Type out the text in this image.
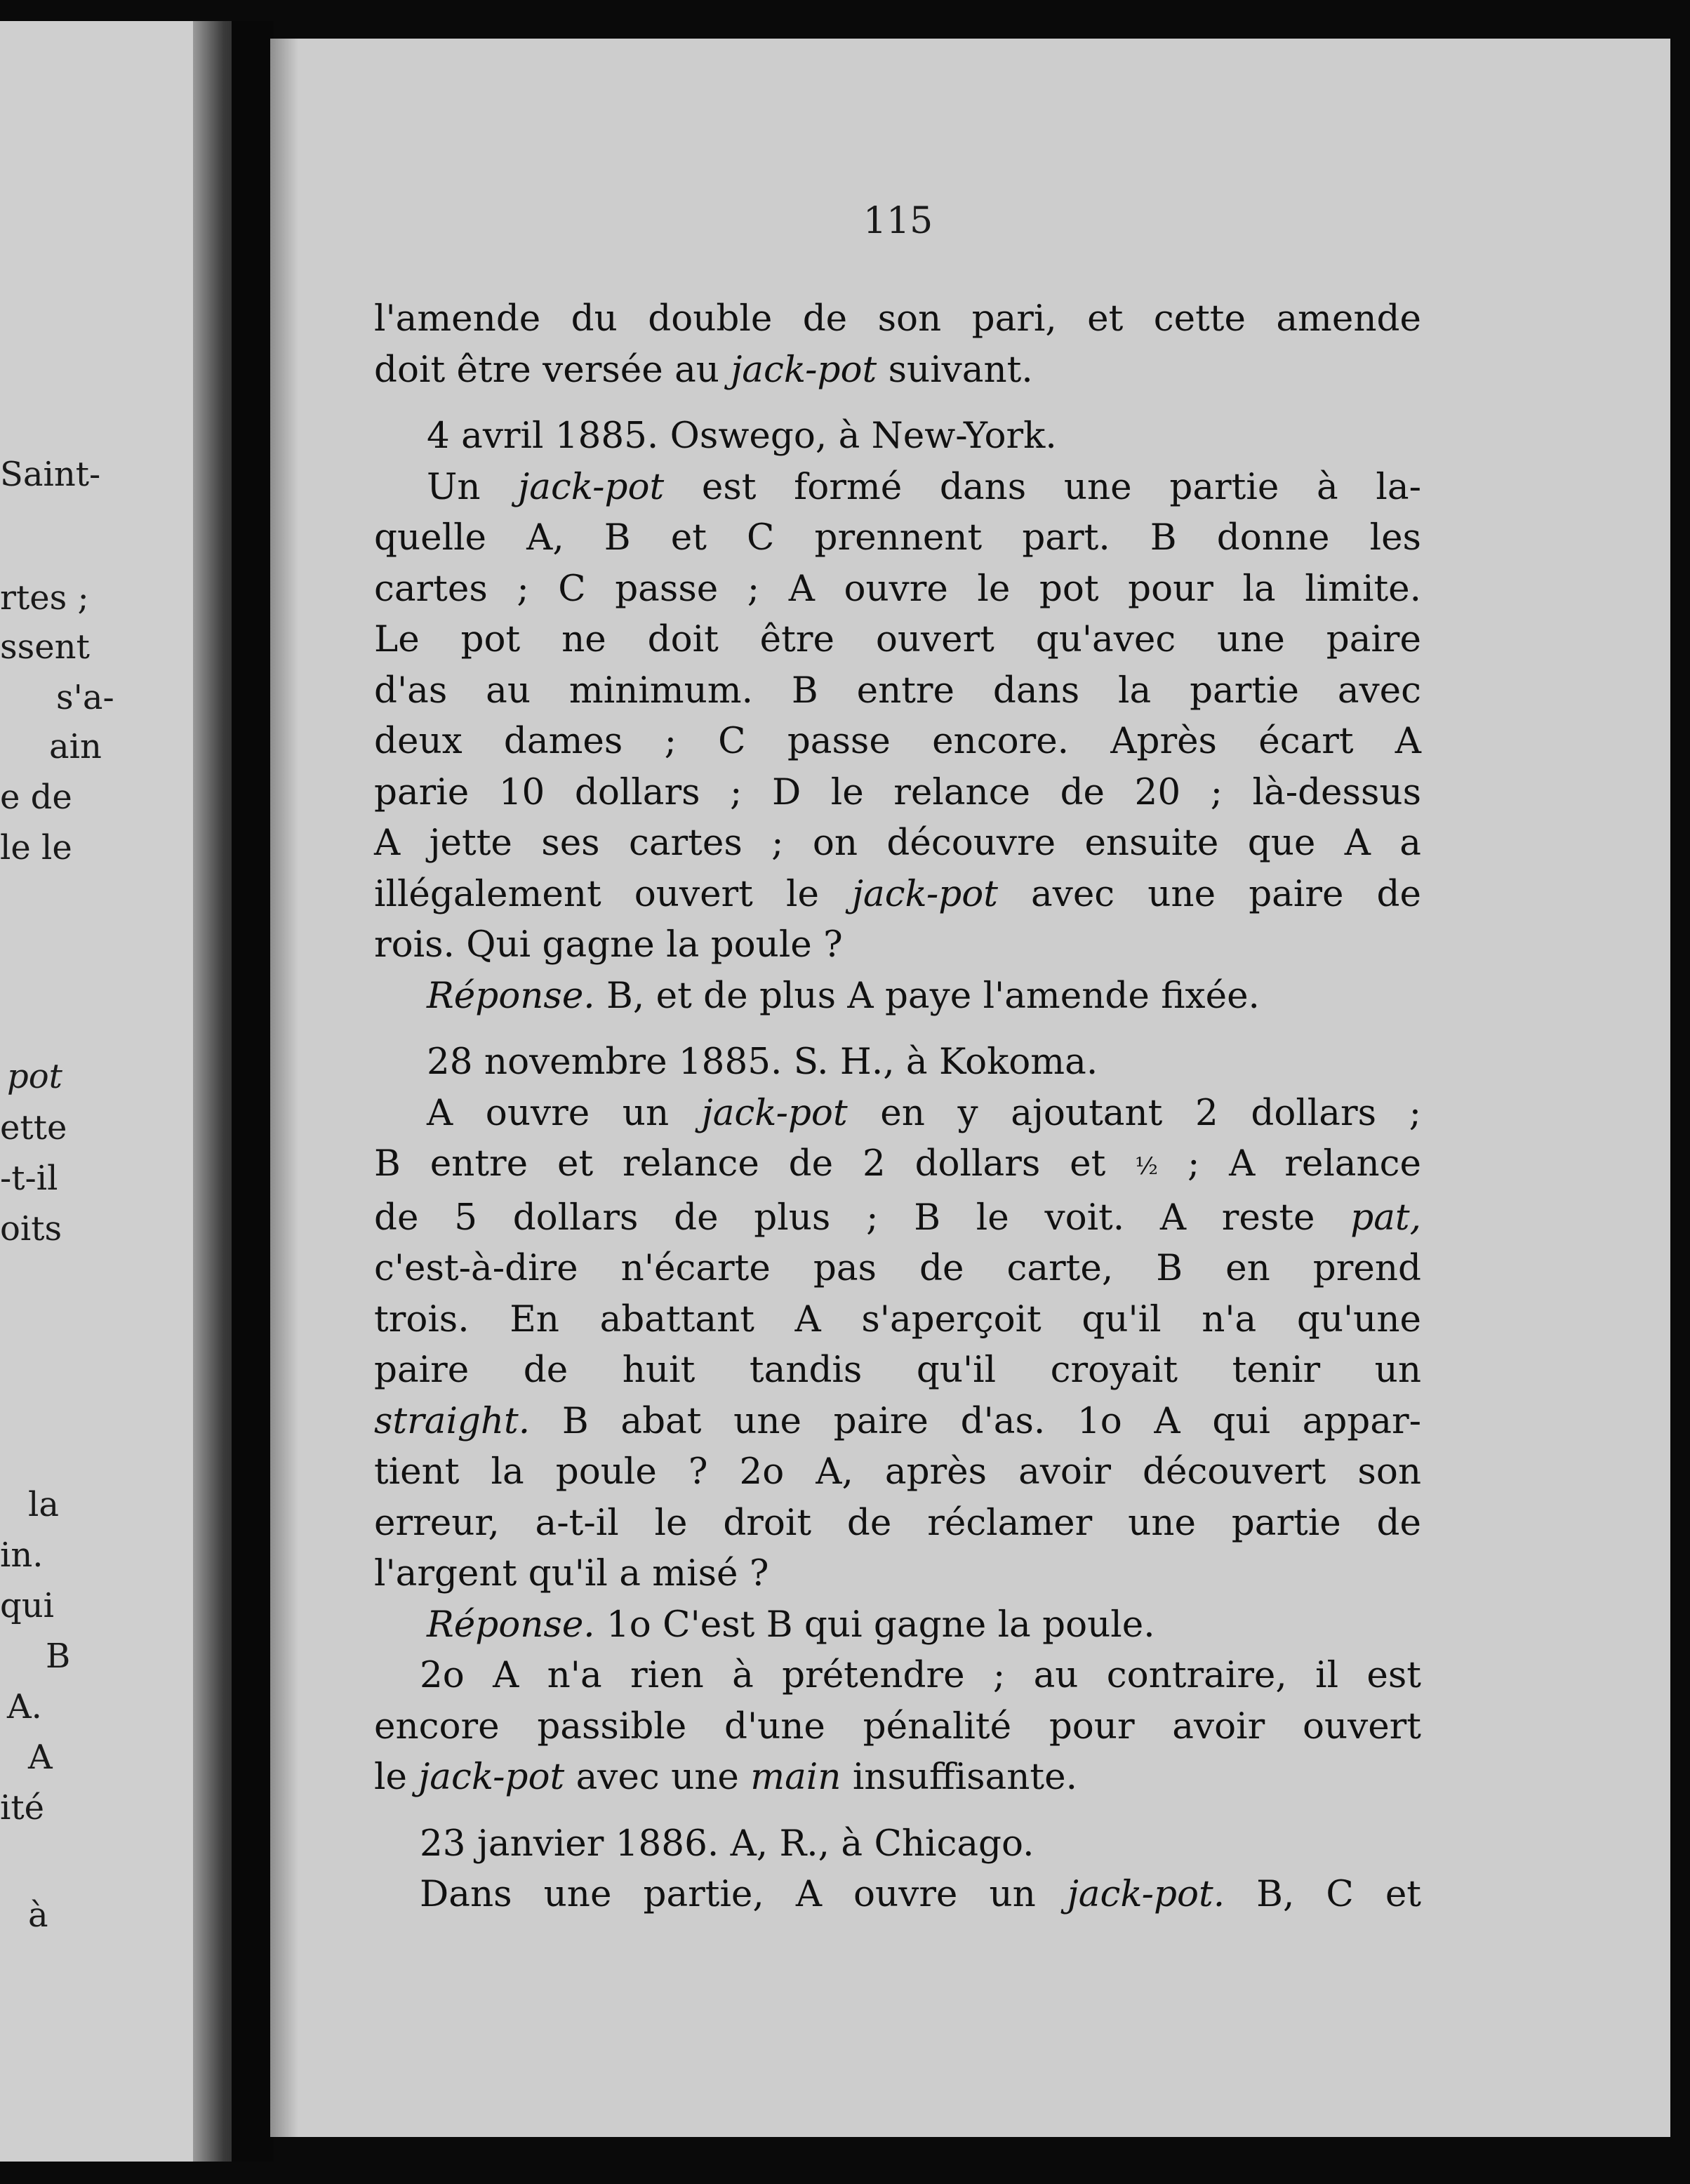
Saint-
rtes ;
ssent
s'a-
ain
e de
le le
pot
ette
-t-il
oits
la
in.
qui
B
A.
A
ité
à
115
l'amende du double de son pari, et cette amende
doit être versée au jack-pot suivant.
4 avril 1885. Oswego, à New-York.
Un jack-pot est formé dans une partie à la-
quelle A, B et C prennent part. B donne les
cartes ; C passe ; A ouvre le pot pour la limite.
Le pot ne doit être ouvert qu'avec une paire
d'as au minimum. B entre dans la partie avec
deux dames ; C passe encore. Après écart A
parie 10 dollars ; D le relance de 20 ; là-dessus
A jette ses cartes ; on découvre ensuite que A a
illégalement ouvert le jack-pot avec une paire de
rois. Qui gagne la poule ?
Réponse. B, et de plus A paye l'amende fixée.
28 novembre 1885. S. H., à Kokoma.
A ouvre un jack-pot en y ajoutant 2 dollars ;
B entre et relance de 2 dollars et ½ ; A relance
de 5 dollars de plus ; B le voit. A reste pat,
c'est-à-dire n'écarte pas de carte, B en prend
trois. En abattant A s'aperçoit qu'il n'a qu'une
paire de huit tandis qu'il croyait tenir un
straight. B abat une paire d'as. 1o A qui appar-
tient la poule ? 2o A, après avoir découvert son
erreur, a-t-il le droit de réclamer une partie de
l'argent qu'il a misé ?
Réponse. 1o C'est B qui gagne la poule.
2o A n'a rien à prétendre ; au contraire, il est
encore passible d'une pénalité pour avoir ouvert
le jack-pot avec une main insuffisante.
23 janvier 1886. A, R., à Chicago.
Dans une partie, A ouvre un jack-pot. B, C et
